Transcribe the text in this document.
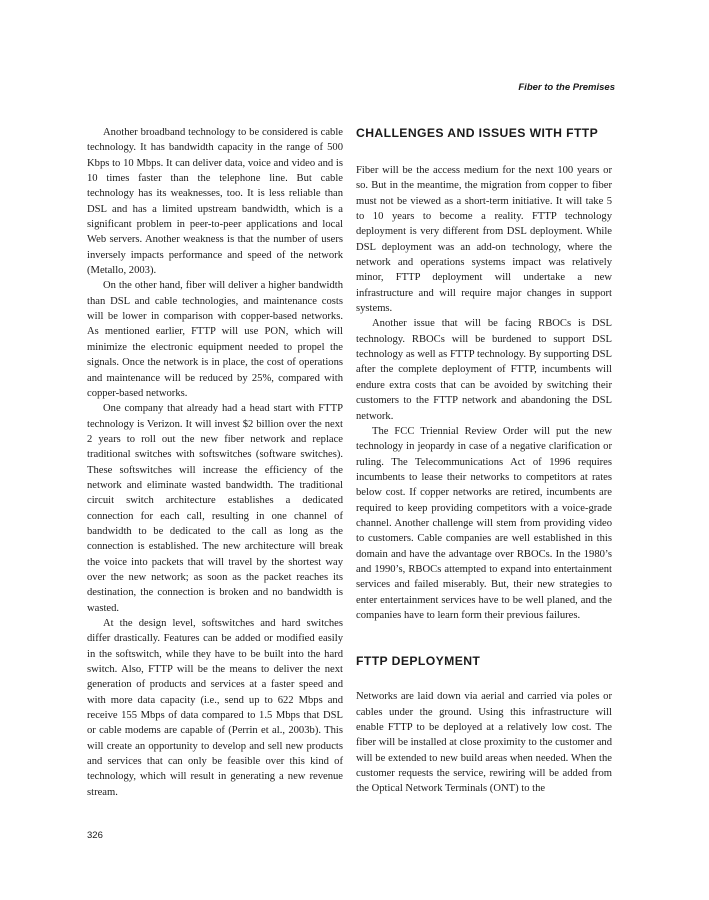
Fiber to the Premises

Another broadband technology to be considered is cable technology. It has bandwidth capacity in the range of 500 Kbps to 10 Mbps. It can deliver data, voice and video and is 10 times faster than the telephone line. But cable technology has its weaknesses, too. It is less reliable than DSL and has a limited upstream bandwidth, which is a significant problem in peer-to-peer applications and local Web servers. Another weakness is that the number of users inversely impacts performance and speed of the network (Metallo, 2003).

On the other hand, fiber will deliver a higher bandwidth than DSL and cable technologies, and maintenance costs will be lower in comparison with copper-based networks. As mentioned earlier, FTTP will use PON, which will minimize the electronic equipment needed to propel the signals. Once the network is in place, the cost of operations and maintenance will be reduced by 25%, compared with copper-based networks.

One company that already had a head start with FTTP technology is Verizon. It will invest $2 billion over the next 2 years to roll out the new fiber network and replace traditional switches with softswitches (software switches). These softswitches will increase the efficiency of the network and eliminate wasted bandwidth. The traditional circuit switch architecture establishes a dedicated connection for each call, resulting in one channel of bandwidth to be dedicated to the call as long as the connection is established. The new architecture will break the voice into packets that will travel by the shortest way over the new network; as soon as the packet reaches its destination, the connection is broken and no bandwidth is wasted.

At the design level, softswitches and hard switches differ drastically. Features can be added or modified easily in the softswitch, while they have to be built into the hard switch. Also, FTTP will be the means to deliver the next generation of products and services at a faster speed and with more data capacity (i.e., send up to 622 Mbps and receive 155 Mbps of data compared to 1.5 Mbps that DSL or cable modems are capable of (Perrin et al., 2003b). This will create an opportunity to develop and sell new products and services that can only be feasible over this kind of technology, which will result in generating a new revenue stream.

CHALLENGES AND ISSUES WITH FTTP

Fiber will be the access medium for the next 100 years or so. But in the meantime, the migration from copper to fiber must not be viewed as a short-term initiative. It will take 5 to 10 years to become a reality. FTTP technology deployment is very different from DSL deployment. While DSL deployment was an add-on technology, where the network and operations systems impact was relatively minor, FTTP deployment will undertake a new infrastructure and will require major changes in support systems.

Another issue that will be facing RBOCs is DSL technology. RBOCs will be burdened to support DSL technology as well as FTTP technology. By supporting DSL after the complete deployment of FTTP, incumbents will endure extra costs that can be avoided by switching their customers to the FTTP network and abandoning the DSL network.

The FCC Triennial Review Order will put the new technology in jeopardy in case of a negative clarification or ruling. The Telecommunications Act of 1996 requires incumbents to lease their networks to competitors at rates below cost. If copper networks are retired, incumbents are required to keep providing competitors with a voice-grade channel. Another challenge will stem from providing video to customers. Cable companies are well established in this domain and have the advantage over RBOCs. In the 1980’s and 1990’s, RBOCs attempted to expand into entertainment services and failed miserably. But, their new strategies to enter entertainment services have to be well planed, and the companies have to learn form their previous failures.

FTTP DEPLOYMENT

Networks are laid down via aerial and carried via poles or cables under the ground. Using this infrastructure will enable FTTP to be deployed at a relatively low cost. The fiber will be installed at close proximity to the customer and will be extended to new build areas when needed. When the customer requests the service, rewiring will be added from the Optical Network Terminals (ONT) to the

326
